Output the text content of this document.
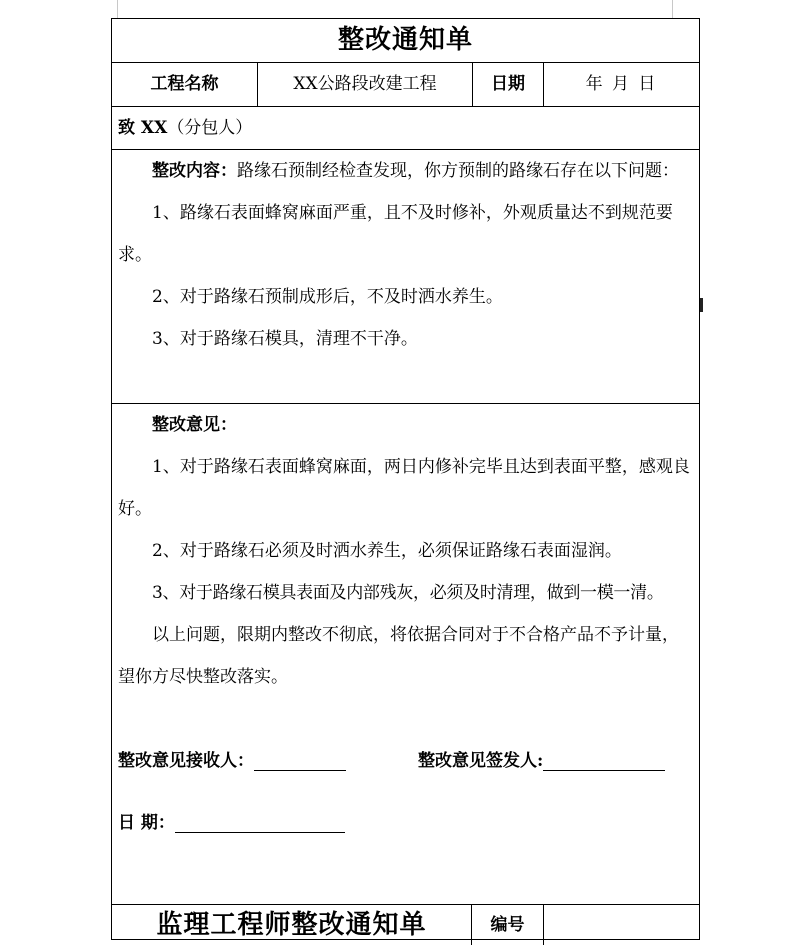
整改通知单
工程名称	XX公路段改建工程	日期	年 月 日
致 XX（分包人）

整改内容：路缘石预制经检查发现，你方预制的路缘石存在以下问题：

1、路缘石表面蜂窝麻面严重，且不及时修补，外观质量达不到规范要求。

2、对于路缘石预制成形后，不及时洒水养生。

3、对于路缘石模具，清理不干净。

整改意见：

1、对于路缘石表面蜂窝麻面，两日内修补完毕且达到表面平整，感观良好。

2、对于路缘石必须及时洒水养生，必须保证路缘石表面湿润。

3、对于路缘石模具表面及内部残灰，必须及时清理，做到一模一清。

以上问题，限期内整改不彻底，将依据合同对于不合格产品不予计量，望你方尽快整改落实。

整改意见接收人：	整改意见签发人:
日 期：
监理工程师整改通知单	编号
